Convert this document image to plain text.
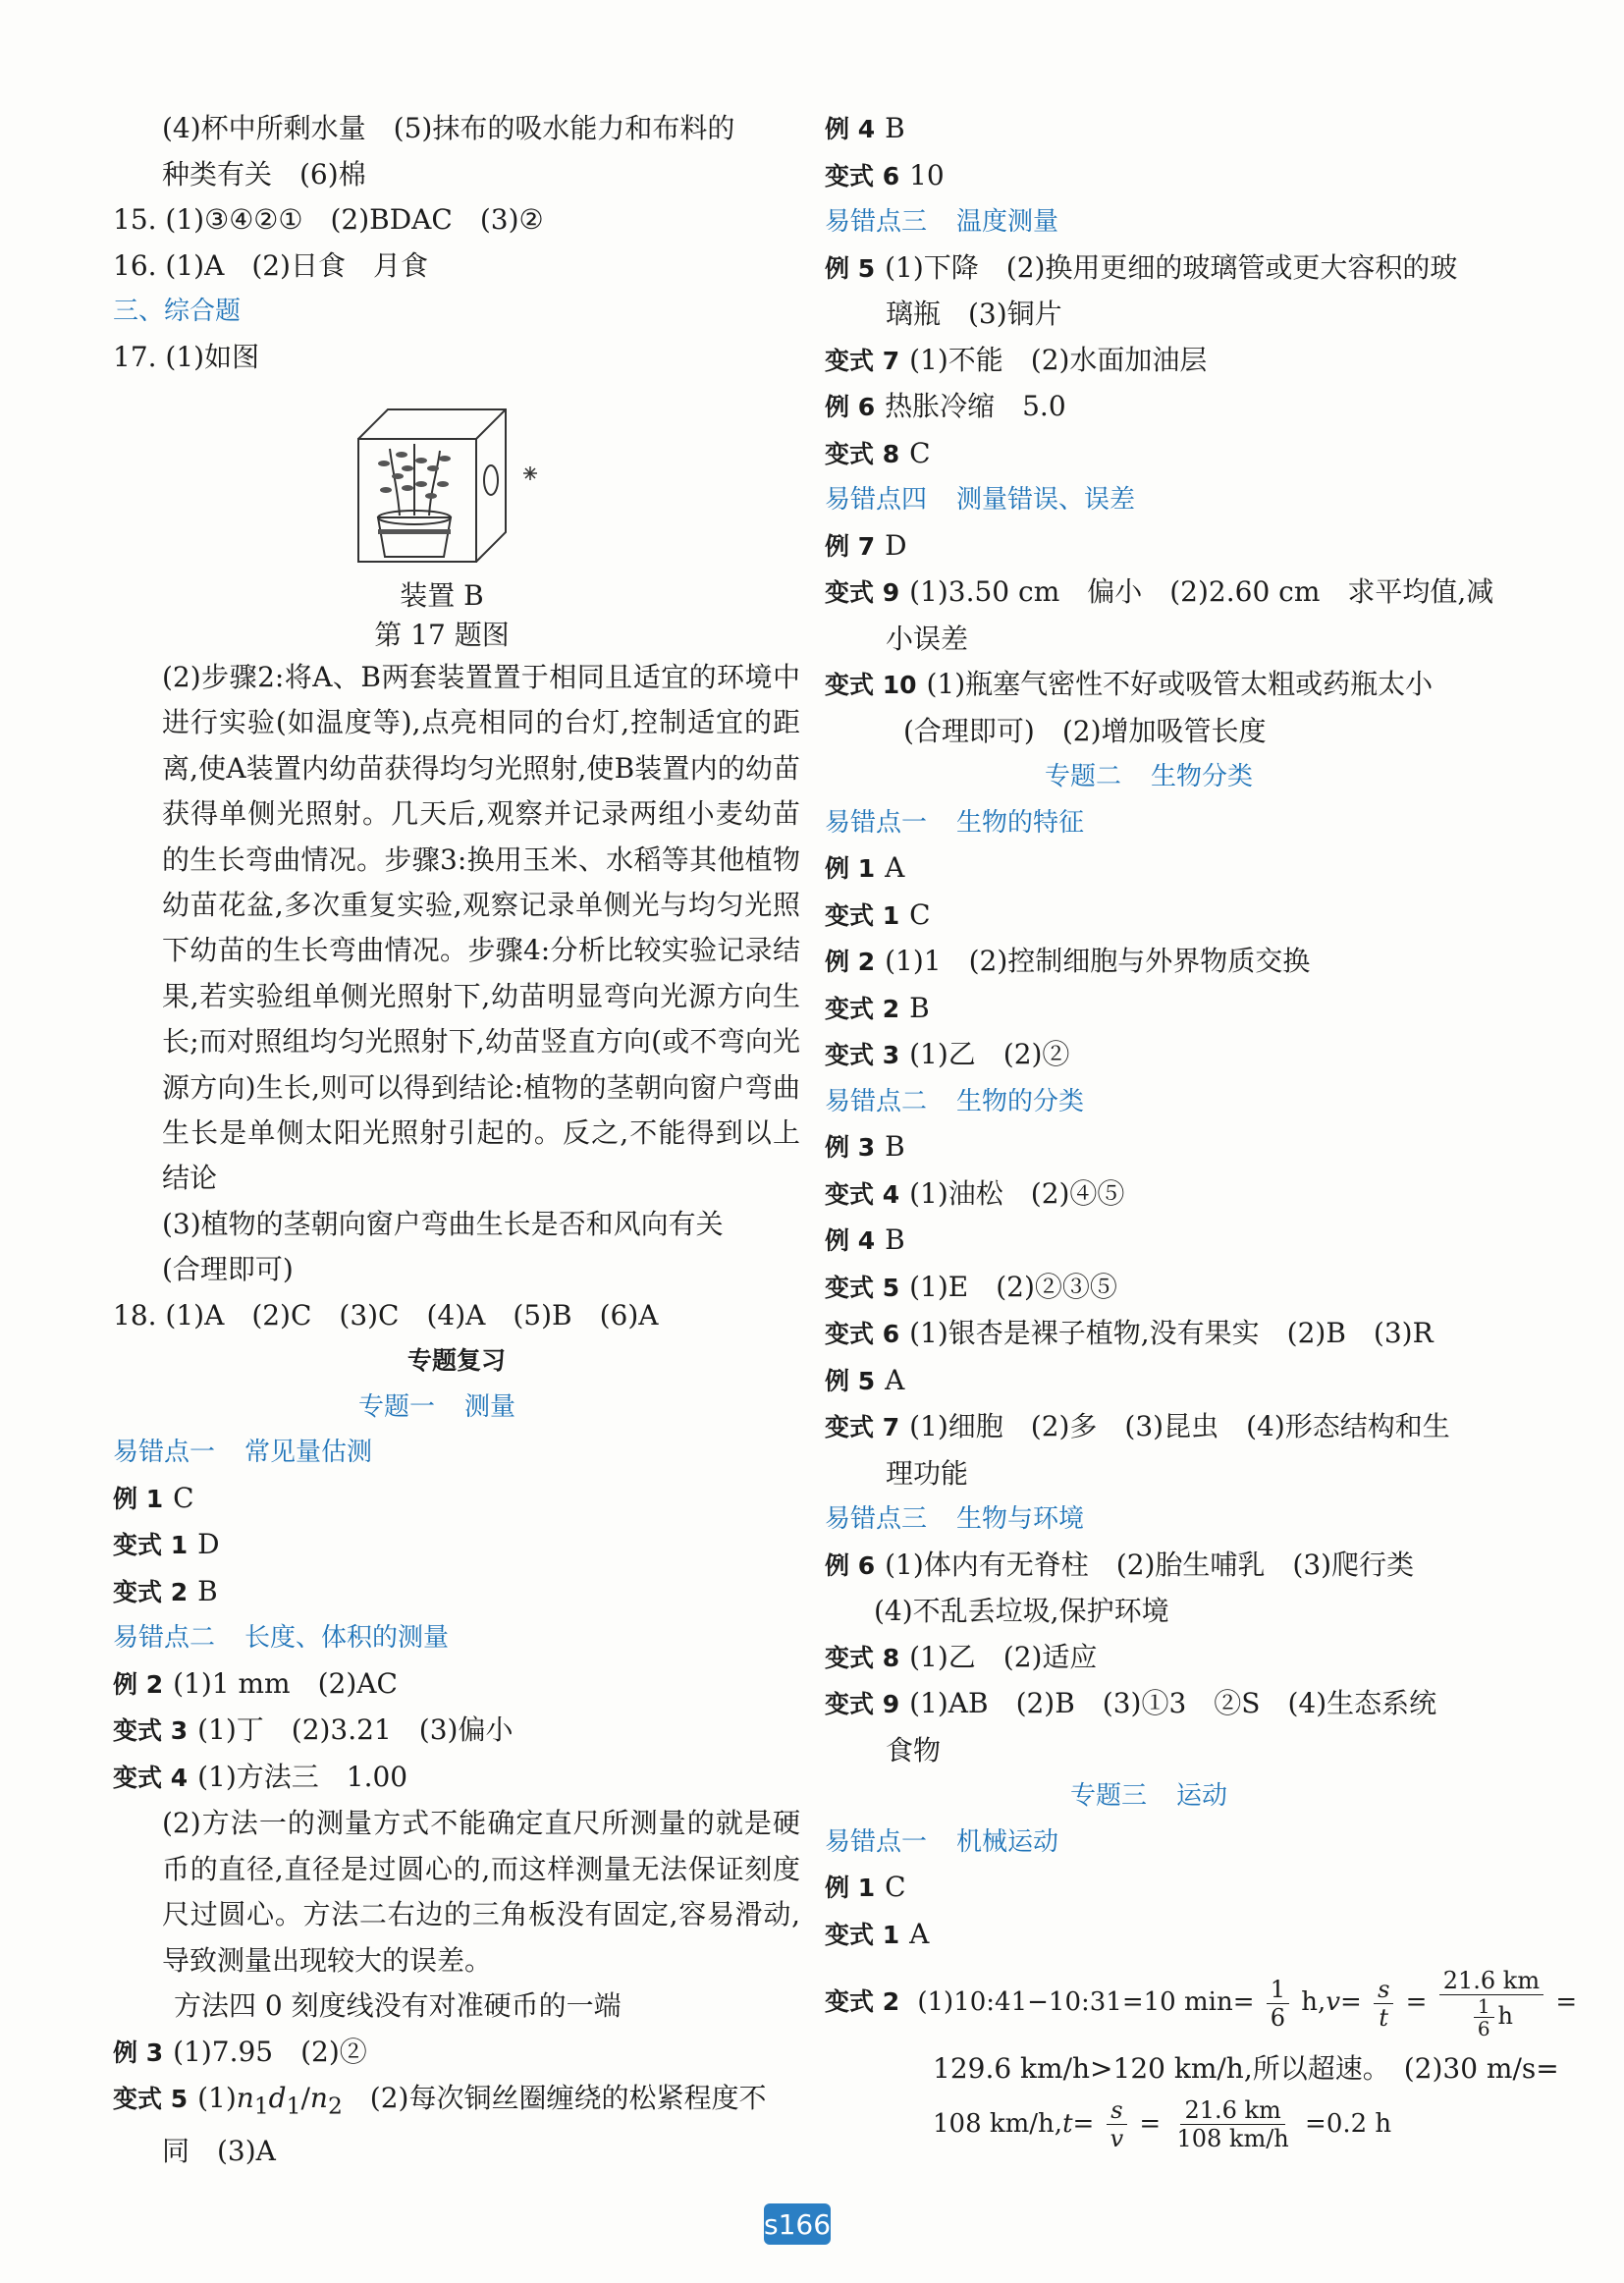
(4)杯中所剩水量　(5)抹布的吸水能力和布料的
种类有关　(6)棉
15. (1)③④②①　(2)BDAC　(3)②
16. (1)A　(2)日食　月食
三、综合题
17. (1)如图
装置 B
第 17 题图
(2)步骤2:将A、B两套装置置于相同且适宜的环境中进行实验(如温度等),点亮相同的台灯,控制适宜的距离,使A装置内幼苗获得均匀光照射,使B装置内的幼苗获得单侧光照射。几天后,观察并记录两组小麦幼苗的生长弯曲情况。步骤3:换用玉米、水稻等其他植物幼苗花盆,多次重复实验,观察记录单侧光与均匀光照下幼苗的生长弯曲情况。步骤4:分析比较实验记录结果,若实验组单侧光照射下,幼苗明显弯向光源方向生长;而对照组均匀光照射下,幼苗竖直方向(或不弯向光源方向)生长,则可以得到结论:植物的茎朝向窗户弯曲生长是单侧太阳光照射引起的。反之,不能得到以上结论
(3)植物的茎朝向窗户弯曲生长是否和风向有关
(合理即可)
18. (1)A　(2)C　(3)C　(4)A　(5)B　(6)A
专题复习
专题一 测量
易错点一 常见量估测
例 1 C
变式 1 D
变式 2 B
易错点二 长度、体积的测量
例 2 (1)1 mm　(2)AC
变式 3 (1)丁　(2)3.21　(3)偏小
变式 4 (1)方法三　1.00
(2)方法一的测量方式不能确定直尺所测量的就是硬币的直径,直径是过圆心的,而这样测量无法保证刻度尺过圆心。方法二右边的三角板没有固定,容易滑动,导致测量出现较大的误差。
方法四 0 刻度线没有对准硬币的一端
例 3 (1)7.95　(2)②
变式 5 $(1)n_1d_1/n_2$　(2)每次铜丝圈缠绕的松紧程度不
同　(3)A
例 4 B
变式 6 10
易错点三 温度测量
例 5 (1)下降　(2)换用更细的玻璃管或更大容积的玻
璃瓶　(3)铜片
变式 7 (1)不能　(2)水面加油层
例 6 热胀冷缩　5.0
变式 8 C
易错点四 测量错误、误差
例 7 D
变式 9 (1)3.50 cm　偏小　(2)2.60 cm　求平均值,减
小误差
变式 10 (1)瓶塞气密性不好或吸管太粗或药瓶太小
(合理即可)　(2)增加吸管长度
专题二 生物分类
易错点一 生物的特征
例 1 A
变式 1 C
例 2 (1)1　(2)控制细胞与外界物质交换
变式 2 B
变式 3 (1)乙　(2)②
易错点二 生物的分类
例 3 B
变式 4 (1)油松　(2)④⑤
例 4 B
变式 5 (1)E　(2)②③⑤
变式 6 (1)银杏是裸子植物,没有果实　(2)B　(3)R
例 5 A
变式 7 (1)细胞　(2)多　(3)昆虫　(4)形态结构和生
理功能
易错点三 生物与环境
例 6 (1)体内有无脊柱　(2)胎生哺乳　(3)爬行类
(4)不乱丢垃圾,保护环境
变式 8 (1)乙　(2)适应
变式 9 (1)AB　(2)B　(3)①3　②S　(4)生态系统
食物
专题三 运动
易错点一 机械运动
例 1 C
变式 1 A
变式 2 (1)10:41−10:31=10 $\min= \frac{1}{6} h,v= \frac{s}{t} = \frac{21.6 km}{\frac{1}{6} h}$ =
129.6 km/h>120 km/h,所以超速。　(2)30 m/s=
108 $km/h,t= \frac{s}{v} = \frac{21.6 km}{108 km/h} =0.2$ h
s166
